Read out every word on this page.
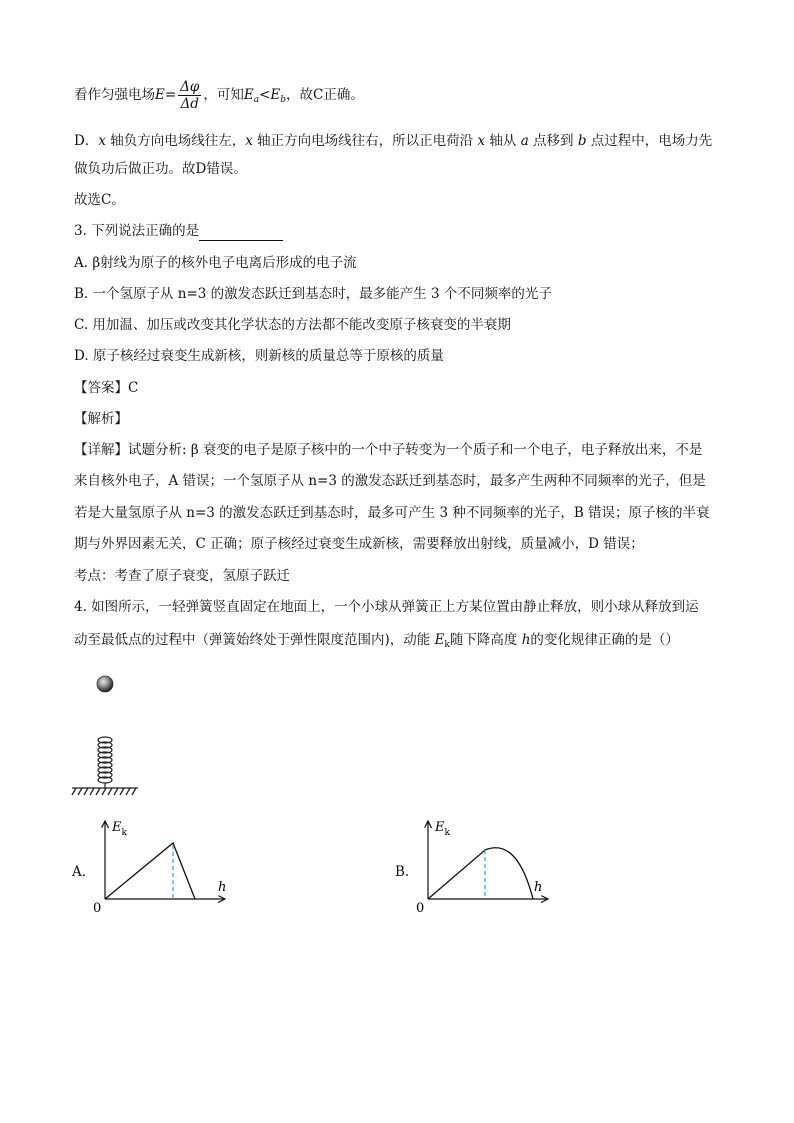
看作匀强电场$E= \frac{\Delta\varphi}{\Delta d}$ ，可知$E_a<E_b$，故C正确。
D．x 轴负方向电场线往左，x 轴正方向电场线往右，所以正电荷沿 x 轴从 a 点移到 b 点过程中，电场力先
做负功后做正功。故D错误。
故选C。
3. 下列说法正确的是
A. β射线为原子的核外电子电离后形成的电子流
B. 一个氢原子从 n=3 的激发态跃迁到基态时，最多能产生 3 个不同频率的光子
C. 用加温、加压或改变其化学状态的方法都不能改变原子核衰变的半衰期
D. 原子核经过衰变生成新核，则新核的质量总等于原核的质量
【答案】C
【解析】
【详解】试题分析: β 衰变的电子是原子核中的一个中子转变为一个质子和一个电子，电子释放出来，不是
来自核外电子，A 错误；一个氢原子从 n=3 的激发态跃迁到基态时，最多产生两种不同频率的光子，但是
若是大量氢原子从 n=3 的激发态跃迁到基态时，最多可产生 3 种不同频率的光子，B 错误；原子核的半衰
期与外界因素无关，C 正确；原子核经过衰变生成新核，需要释放出射线，质量减小，D 错误；
考点：考查了原子衰变，氢原子跃迁
4. 如图所示，一轻弹簧竖直固定在地面上，一个小球从弹簧正上方某位置由静止释放，则小球从释放到运
动至最低点的过程中（弹簧始终处于弹性限度范围内)，动能 $E_k$随下降高度 h的变化规律正确的是（）
A.
$E_k$
h
0
B.
$E_k$
h
0
